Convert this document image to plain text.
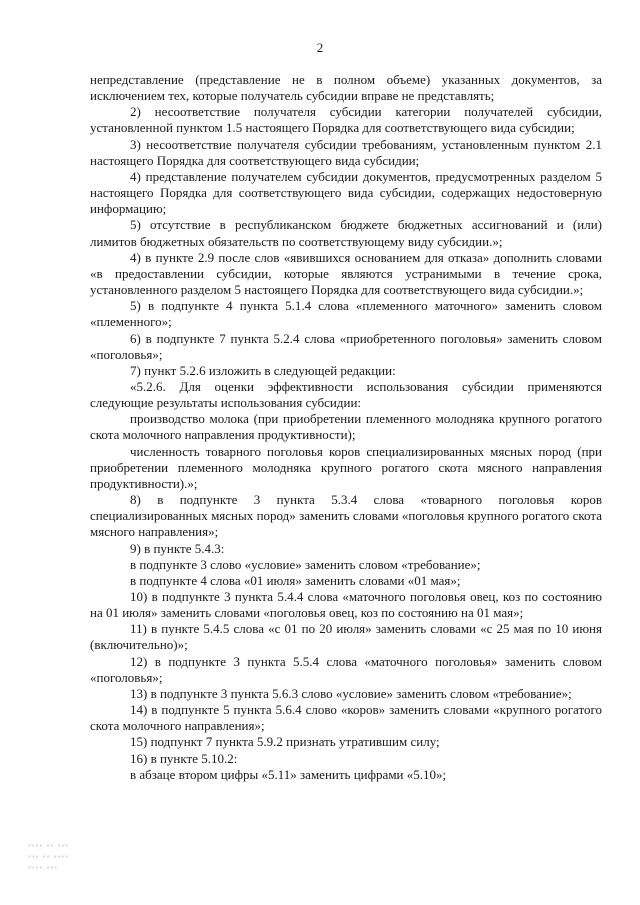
2

непредставление (представление не в полном объеме) указанных документов, за исключением тех, которые получатель субсидии вправе не представлять;

2) несоответствие получателя субсидии категории получателей субсидии, установленной пунктом 1.5 настоящего Порядка для соответствующего вида субсидии;

3) несоответствие получателя субсидии требованиям, установленным пунктом 2.1 настоящего Порядка для соответствующего вида субсидии;

4) представление получателем субсидии документов, предусмотренных разделом 5 настоящего Порядка для соответствующего вида субсидии, содержащих недостоверную информацию;

5) отсутствие в республиканском бюджете бюджетных ассигнований и (или) лимитов бюджетных обязательств по соответствующему виду субсидии.»;

4) в пункте 2.9 после слов «явившихся основанием для отказа» дополнить словами «в предоставлении субсидии, которые являются устранимыми в течение срока, установленного разделом 5 настоящего Порядка для соответствующего вида субсидии.»;

5) в подпункте 4 пункта 5.1.4 слова «племенного маточного» заменить словом «племенного»;

6) в подпункте 7 пункта 5.2.4 слова «приобретенного поголовья» заменить словом «поголовья»;

7) пункт 5.2.6 изложить в следующей редакции:

«5.2.6. Для оценки эффективности использования субсидии применяются следующие результаты использования субсидии:

производство молока (при приобретении племенного молодняка крупного рогатого скота молочного направления продуктивности);

численность товарного поголовья коров специализированных мясных пород (при приобретении племенного молодняка крупного рогатого скота мясного направления продуктивности).»;

8) в подпункте 3 пункта 5.3.4 слова «товарного поголовья коров специализированных мясных пород» заменить словами «поголовья крупного рогатого скота мясного направления»;

9) в пункте 5.4.3:

в подпункте 3 слово «условие» заменить словом «требование»;

в подпункте 4 слова «01 июля» заменить словами «01 мая»;

10) в подпункте 3 пункта 5.4.4 слова «маточного поголовья овец, коз по состоянию на 01 июля» заменить словами «поголовья овец, коз по состоянию на 01 мая»;

11) в пункте 5.4.5 слова «с 01 по 20 июля» заменить словами «с 25 мая по 10 июня (включительно)»;

12) в подпункте 3 пункта 5.5.4 слова «маточного поголовья» заменить словом «поголовья»;

13) в подпункте 3 пункта 5.6.3 слово «условие» заменить словом «требование»;

14) в подпункте 5 пункта 5.6.4 слово «коров» заменить словами «крупного рогатого скота молочного направления»;

15) подпункт 7 пункта 5.9.2 признать утратившим силу;

16) в пункте 5.10.2:

в абзаце втором цифры «5.11» заменить цифрами «5.10»;

▪▪▪▪ ▪▪ ▪▪▪
▪▪▪ ▪▪ ▪▪▪▪
▪▪▪▪ ▪▪▪
